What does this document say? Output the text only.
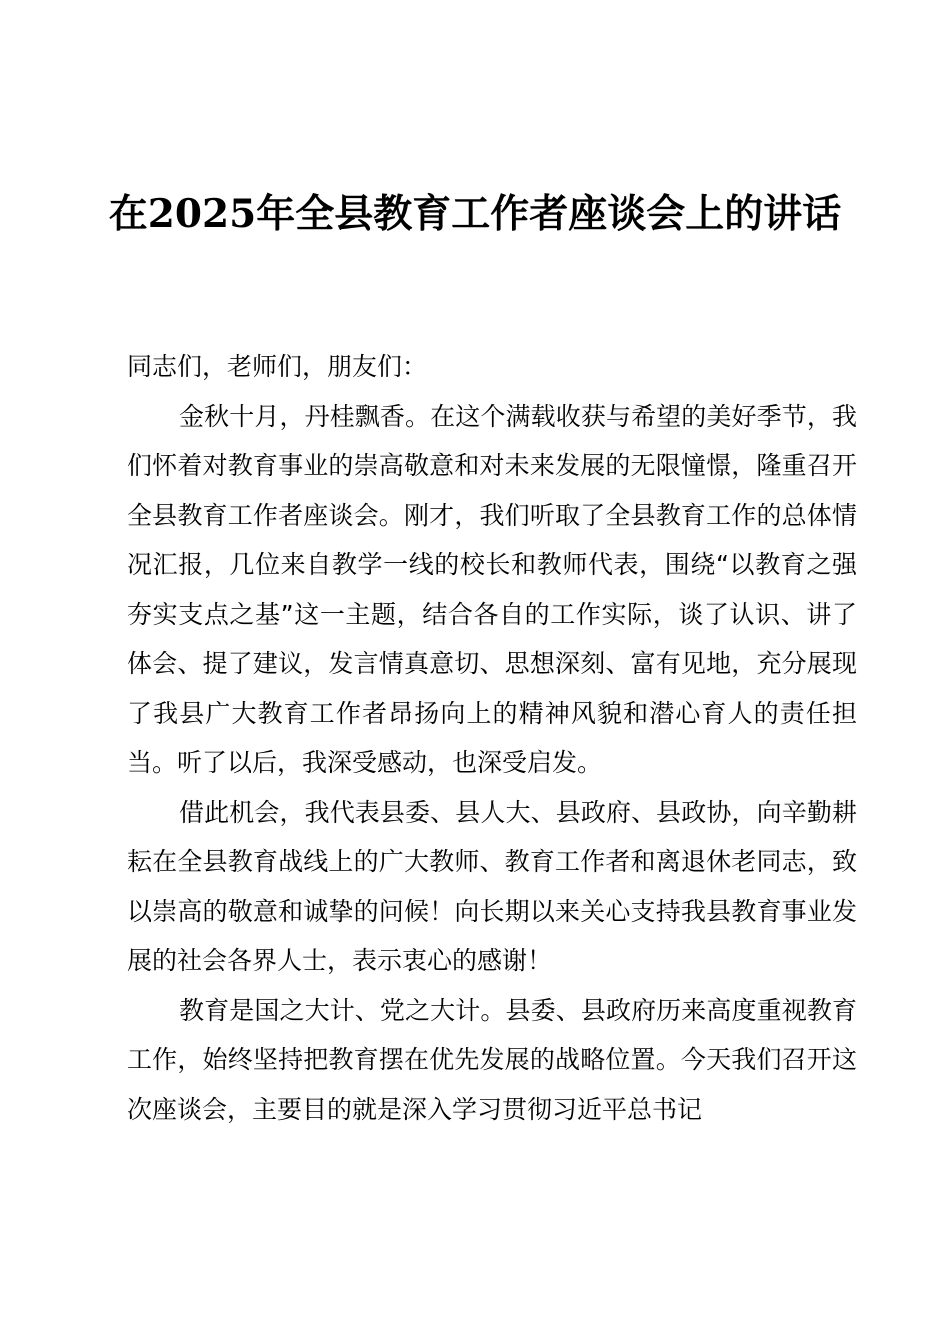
在2025年全县教育工作者座谈会上的讲话

同志们，老师们，朋友们：

金秋十月，丹桂飘香。在这个满载收获与希望的美好季节，我们怀着对教育事业的崇高敬意和对未来发展的无限憧憬，隆重召开全县教育工作者座谈会。刚才，我们听取了全县教育工作的总体情况汇报，几位来自教学一线的校长和教师代表，围绕“以教育之强夯实支点之基”这一主题，结合各自的工作实际，谈了认识、讲了体会、提了建议，发言情真意切、思想深刻、富有见地，充分展现了我县广大教育工作者昂扬向上的精神风貌和潜心育人的责任担当。听了以后，我深受感动，也深受启发。

借此机会，我代表县委、县人大、县政府、县政协，向辛勤耕耘在全县教育战线上的广大教师、教育工作者和离退休老同志，致以崇高的敬意和诚挚的问候！向长期以来关心支持我县教育事业发展的社会各界人士，表示衷心的感谢！

教育是国之大计、党之大计。县委、县政府历来高度重视教育工作，始终坚持把教育摆在优先发展的战略位置。今天我们召开这次座谈会，主要目的就是深入学习贯彻习近平总书记
